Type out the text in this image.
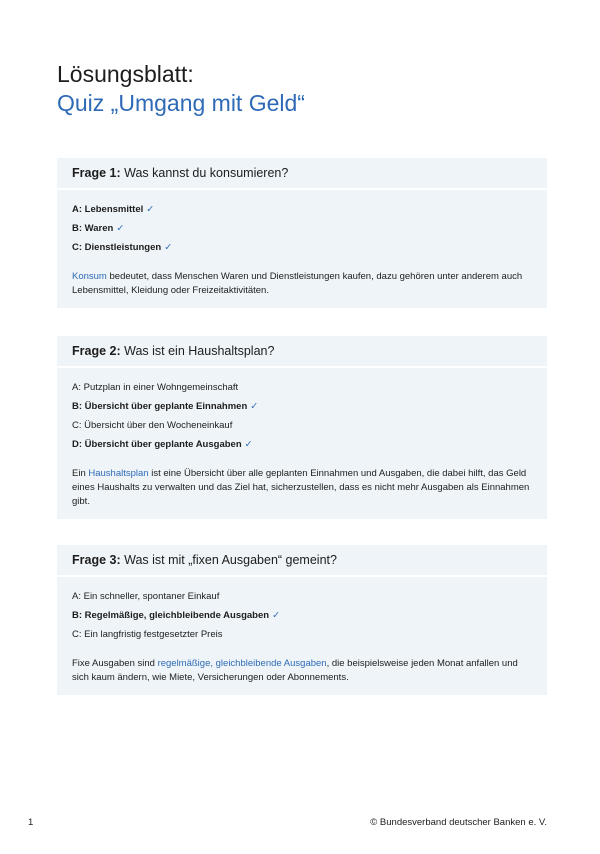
Lösungsblatt:
Quiz „Umgang mit Geld“
Frage 1: Was kannst du konsumieren?
A: Lebensmittel ✓
B: Waren ✓
C: Dienstleistungen ✓
Konsum bedeutet, dass Menschen Waren und Dienstleistungen kaufen, dazu gehören unter anderem auch Lebensmittel, Kleidung oder Freizeitaktivitäten.
Frage 2: Was ist ein Haushaltsplan?
A: Putzplan in einer Wohngemeinschaft
B: Übersicht über geplante Einnahmen ✓
C: Übersicht über den Wocheneinkauf
D: Übersicht über geplante Ausgaben ✓
Ein Haushaltsplan ist eine Übersicht über alle geplanten Einnahmen und Ausgaben, die dabei hilft, das Geld eines Haushalts zu verwalten und das Ziel hat, sicherzustellen, dass es nicht mehr Ausgaben als Einnahmen gibt.
Frage 3: Was ist mit „fixen Ausgaben“ gemeint?
A: Ein schneller, spontaner Einkauf
B: Regelmäßige, gleichbleibende Ausgaben ✓
C: Ein langfristig festgesetzter Preis
Fixe Ausgaben sind regelmäßige, gleichbleibende Ausgaben, die beispielsweise jeden Monat anfallen und sich kaum ändern, wie Miete, Versicherungen oder Abonnements.
1	© Bundesverband deutscher Banken e. V.
